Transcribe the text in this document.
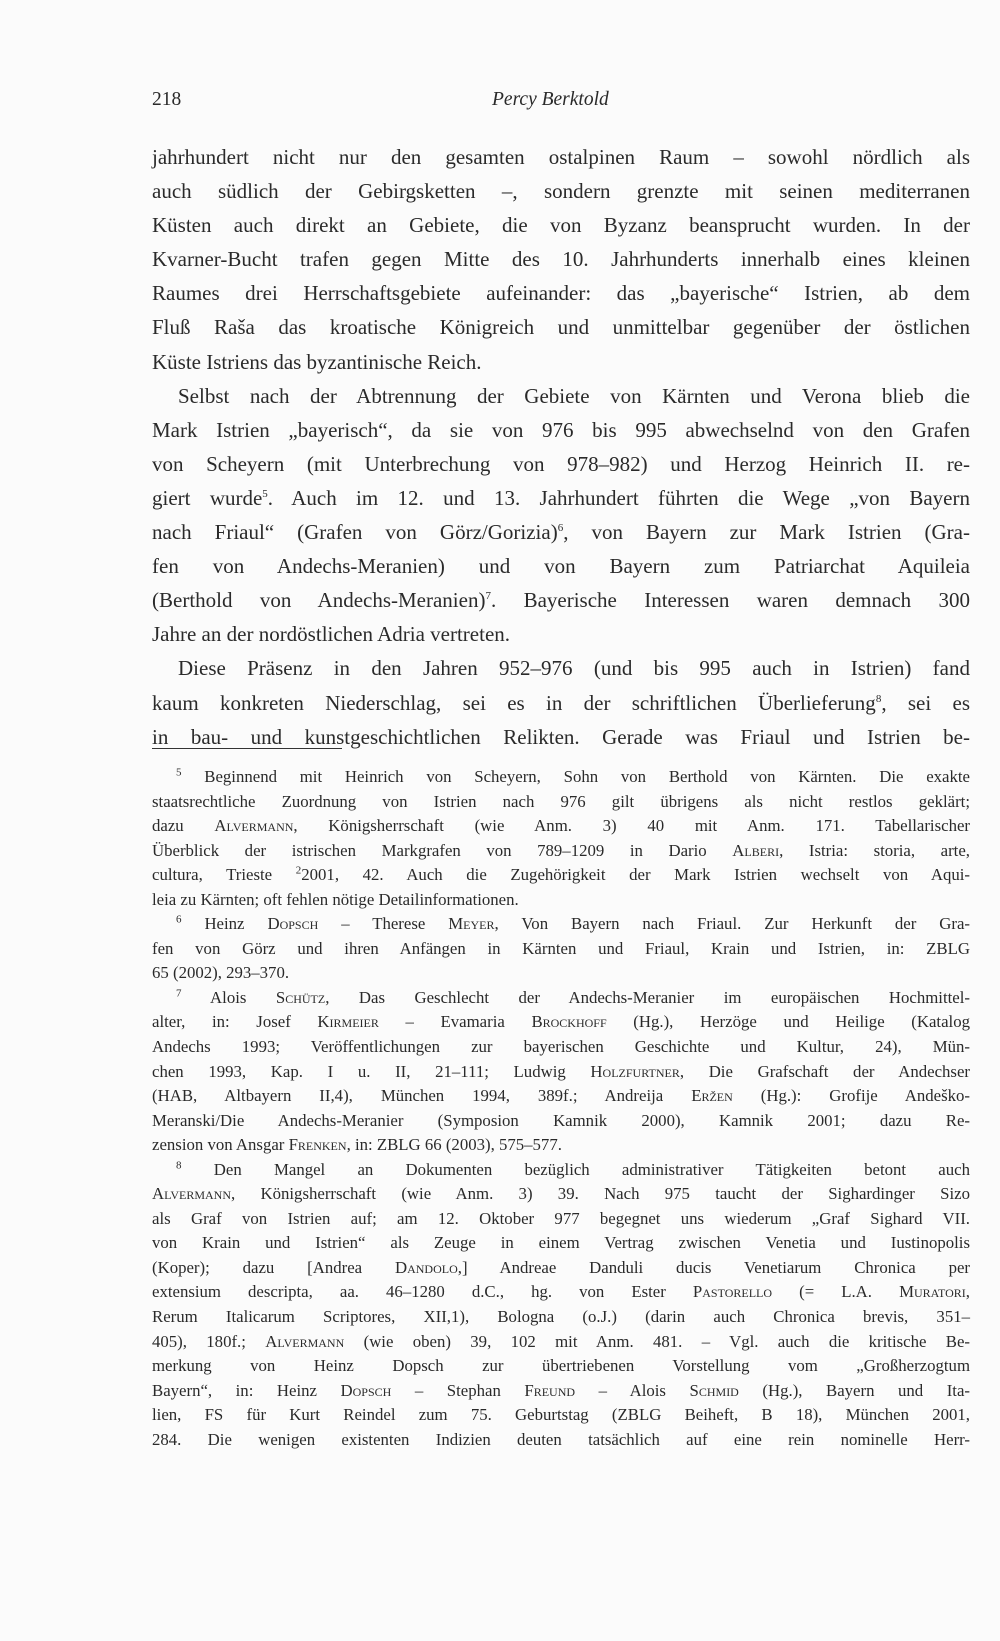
218	Percy Berktold

jahrhundert nicht nur den gesamten ostalpinen Raum – sowohl nördlich als
auch südlich der Gebirgsketten –, sondern grenzte mit seinen mediterranen
Küsten auch direkt an Gebiete, die von Byzanz beansprucht wurden. In der
Kvarner-Bucht trafen gegen Mitte des 10. Jahrhunderts innerhalb eines kleinen
Raumes drei Herrschaftsgebiete aufeinander: das „bayerische“ Istrien, ab dem
Fluß Raša das kroatische Königreich und unmittelbar gegenüber der östlichen
Küste Istriens das byzantinische Reich.

Selbst nach der Abtrennung der Gebiete von Kärnten und Verona blieb die
Mark Istrien „bayerisch“, da sie von 976 bis 995 abwechselnd von den Grafen
von Scheyern (mit Unterbrechung von 978–982) und Herzog Heinrich II. re-
giert wurde$^5$. Auch im 12. und 13. Jahrhundert führten die Wege „von Bayern
nach Friaul“ (Grafen von Görz/Gorizia)$^6$, von Bayern zur Mark Istrien (Gra-
fen von Andechs-Meranien) und von Bayern zum Patriarchat Aquileia
(Berthold von Andechs-Meranien)$^7$. Bayerische Interessen waren demnach 300
Jahre an der nordöstlichen Adria vertreten.

Diese Präsenz in den Jahren 952–976 (und bis 995 auch in Istrien) fand
kaum konkreten Niederschlag, sei es in der schriftlichen Überlieferung$^8$, sei es
in bau- und kunstgeschichtlichen Relikten. Gerade was Friaul und Istrien be-

$^5$ Beginnend mit Heinrich von Scheyern, Sohn von Berthold von Kärnten. Die exakte
staatsrechtliche Zuordnung von Istrien nach 976 gilt übrigens als nicht restlos geklärt;
dazu Alvermann, Königsherrschaft (wie Anm. 3) 40 mit Anm. 171. Tabellarischer
Überblick der istrischen Markgrafen von 789–1209 in Dario Alberi, Istria: storia, arte,
cultura, Trieste $^2$2001, 42. Auch die Zugehörigkeit der Mark Istrien wechselt von Aqui-
leia zu Kärnten; oft fehlen nötige Detailinformationen.
$^6$ Heinz Dopsch – Therese Meyer, Von Bayern nach Friaul. Zur Herkunft der Gra-
fen von Görz und ihren Anfängen in Kärnten und Friaul, Krain und Istrien, in: ZBLG
65 (2002), 293–370.
$^7$ Alois Schütz, Das Geschlecht der Andechs-Meranier im europäischen Hochmittel-
alter, in: Josef Kirmeier – Evamaria Brockhoff (Hg.), Herzöge und Heilige (Katalog
Andechs 1993; Veröffentlichungen zur bayerischen Geschichte und Kultur, 24), Mün-
chen 1993, Kap. I u. II, 21–111; Ludwig Holzfurtner, Die Grafschaft der Andechser
(HAB, Altbayern II,4), München 1994, 389f.; Andreija Eržen (Hg.): Grofije Andeško-
Meranski/Die Andechs-Meranier (Symposion Kamnik 2000), Kamnik 2001; dazu Re-
zension von Ansgar Frenken, in: ZBLG 66 (2003), 575–577.
$^8$ Den Mangel an Dokumenten bezüglich administrativer Tätigkeiten betont auch
Alvermann, Königsherrschaft (wie Anm. 3) 39. Nach 975 taucht der Sighardinger Sizo
als Graf von Istrien auf; am 12. Oktober 977 begegnet uns wiederum „Graf Sighard VII.
von Krain und Istrien“ als Zeuge in einem Vertrag zwischen Venetia und Iustinopolis
(Koper); dazu [Andrea Dandolo,] Andreae Danduli ducis Venetiarum Chronica per
extensium descripta, aa. 46–1280 d.C., hg. von Ester Pastorello (= L.A. Muratori,
Rerum Italicarum Scriptores, XII,1), Bologna (o.J.) (darin auch Chronica brevis, 351–
405), 180f.; Alvermann (wie oben) 39, 102 mit Anm. 481. – Vgl. auch die kritische Be-
merkung von Heinz Dopsch zur übertriebenen Vorstellung vom „Großherzogtum
Bayern“, in: Heinz Dopsch – Stephan Freund – Alois Schmid (Hg.), Bayern und Ita-
lien, FS für Kurt Reindel zum 75. Geburtstag (ZBLG Beiheft, B 18), München 2001,
284. Die wenigen existenten Indizien deuten tatsächlich auf eine rein nominelle Herr-
